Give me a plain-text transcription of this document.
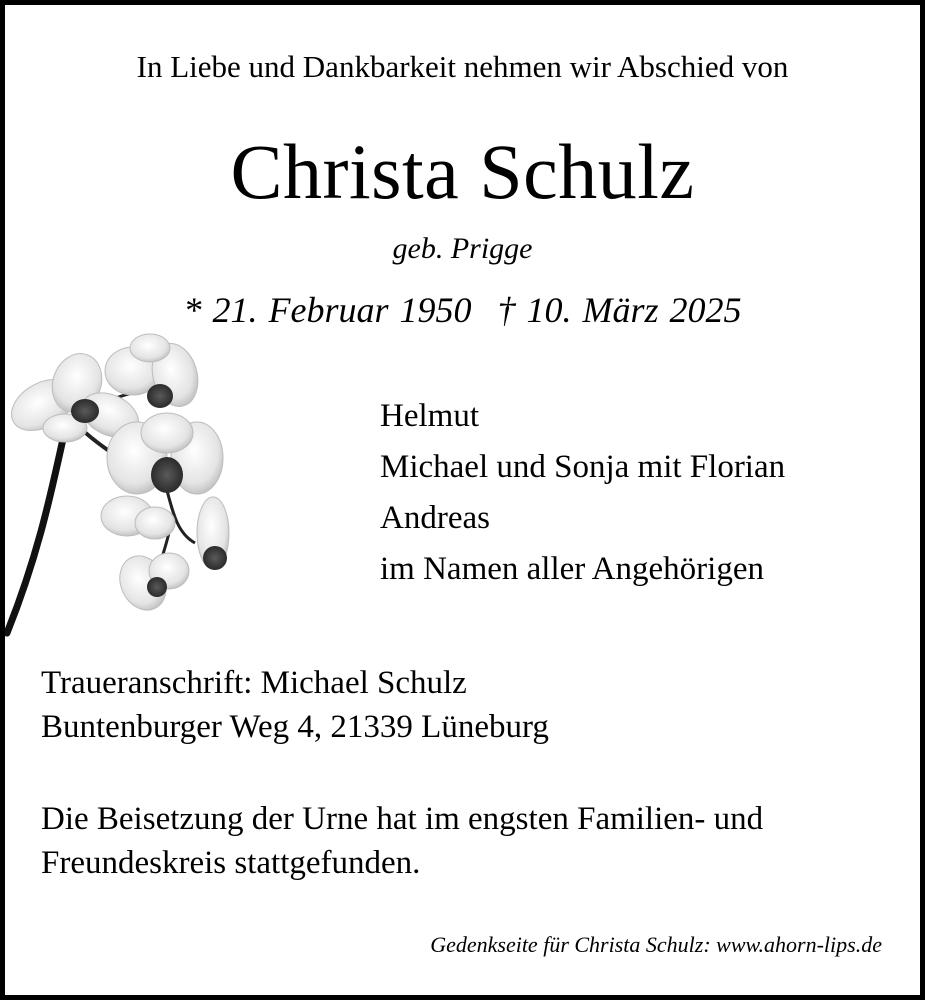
In Liebe und Dankbarkeit nehmen wir Abschied von
Christa Schulz
geb. Prigge
* 21. Februar 1950 † 10. März 2025
Helmut
Michael und Sonja mit Florian
Andreas
im Namen aller Angehörigen
Traueranschrift: Michael Schulz
Buntenburger Weg 4, 21339 Lüneburg
Die Beisetzung der Urne hat im engsten Familien- und
Freundeskreis stattgefunden.
Gedenkseite für Christa Schulz: www.ahorn-lips.de
